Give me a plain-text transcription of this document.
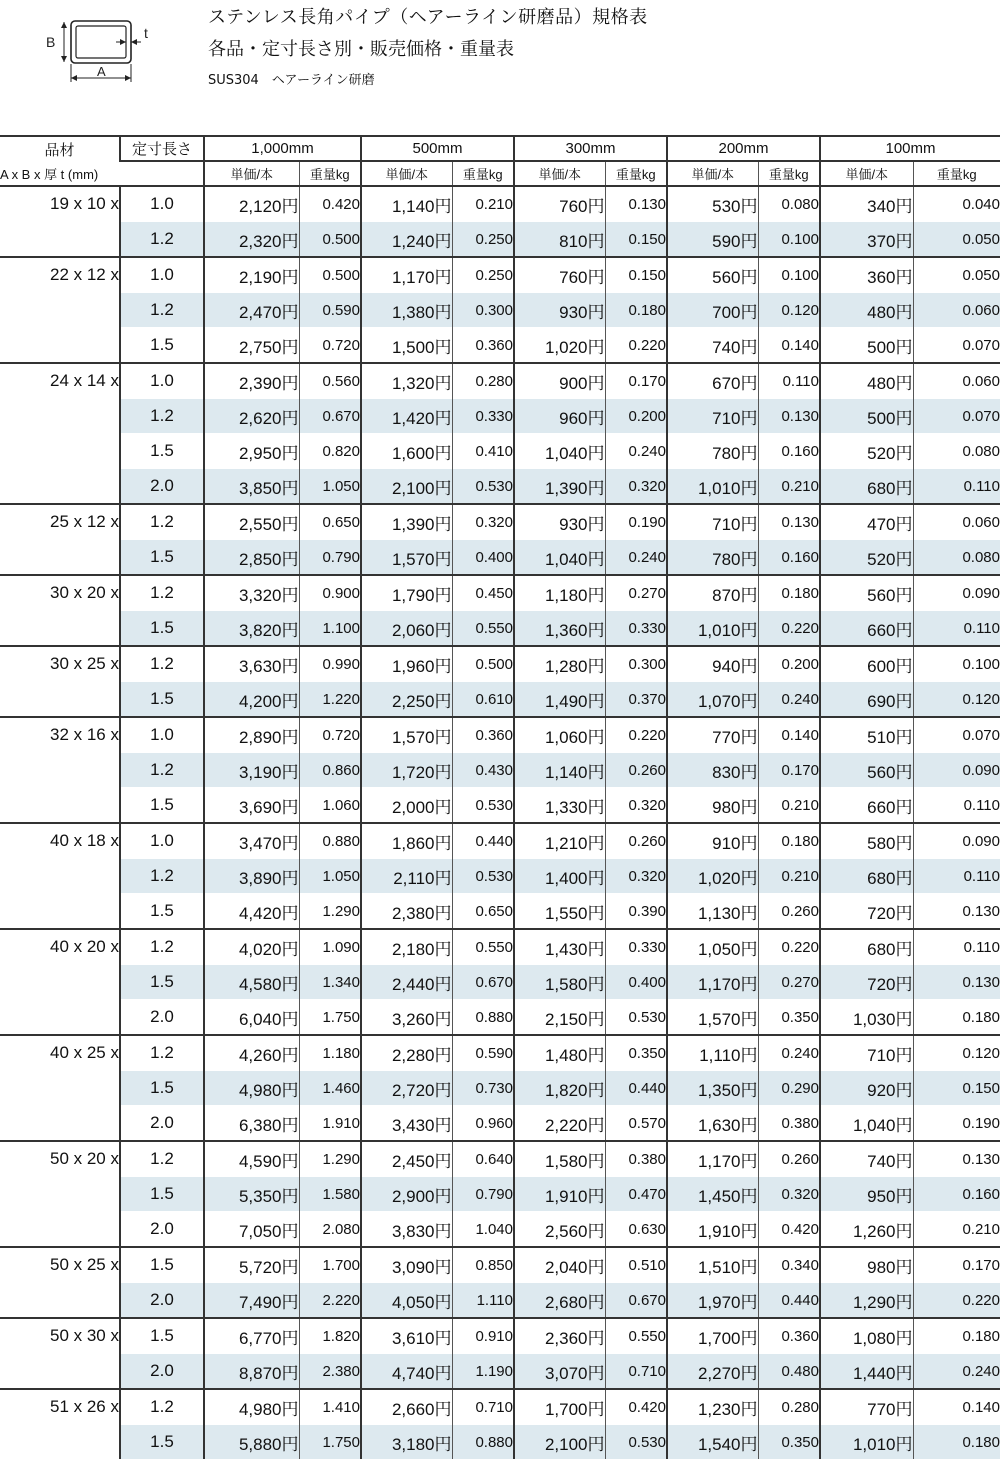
B
t
A
ステンレス長角パイプ（ヘアーライン研磨品）規格表
各品・定寸長さ別・販売価格・重量表
SUS304　ヘアーライン研磨
品材	定寸長さ	1,000mm		500mm		300mm		200mm		100mm	
A x B x 厚 t (mm)		単価/本	重量kg	単価/本	重量kg	単価/本	重量kg	単価/本	重量kg	単価/本	重量kg
19 x 10 x	1.0	2,120円	0.420	1,140円	0.210	760円	0.130	530円	0.080	340円	0.040
	1.2	2,320円	0.500	1,240円	0.250	810円	0.150	590円	0.100	370円	0.050
22 x 12 x	1.0	2,190円	0.500	1,170円	0.250	760円	0.150	560円	0.100	360円	0.050
	1.2	2,470円	0.590	1,380円	0.300	930円	0.180	700円	0.120	480円	0.060
	1.5	2,750円	0.720	1,500円	0.360	1,020円	0.220	740円	0.140	500円	0.070
24 x 14 x	1.0	2,390円	0.560	1,320円	0.280	900円	0.170	670円	0.110	480円	0.060
	1.2	2,620円	0.670	1,420円	0.330	960円	0.200	710円	0.130	500円	0.070
	1.5	2,950円	0.820	1,600円	0.410	1,040円	0.240	780円	0.160	520円	0.080
	2.0	3,850円	1.050	2,100円	0.530	1,390円	0.320	1,010円	0.210	680円	0.110
25 x 12 x	1.2	2,550円	0.650	1,390円	0.320	930円	0.190	710円	0.130	470円	0.060
	1.5	2,850円	0.790	1,570円	0.400	1,040円	0.240	780円	0.160	520円	0.080
30 x 20 x	1.2	3,320円	0.900	1,790円	0.450	1,180円	0.270	870円	0.180	560円	0.090
	1.5	3,820円	1.100	2,060円	0.550	1,360円	0.330	1,010円	0.220	660円	0.110
30 x 25 x	1.2	3,630円	0.990	1,960円	0.500	1,280円	0.300	940円	0.200	600円	0.100
	1.5	4,200円	1.220	2,250円	0.610	1,490円	0.370	1,070円	0.240	690円	0.120
32 x 16 x	1.0	2,890円	0.720	1,570円	0.360	1,060円	0.220	770円	0.140	510円	0.070
	1.2	3,190円	0.860	1,720円	0.430	1,140円	0.260	830円	0.170	560円	0.090
	1.5	3,690円	1.060	2,000円	0.530	1,330円	0.320	980円	0.210	660円	0.110
40 x 18 x	1.0	3,470円	0.880	1,860円	0.440	1,210円	0.260	910円	0.180	580円	0.090
	1.2	3,890円	1.050	2,110円	0.530	1,400円	0.320	1,020円	0.210	680円	0.110
	1.5	4,420円	1.290	2,380円	0.650	1,550円	0.390	1,130円	0.260	720円	0.130
40 x 20 x	1.2	4,020円	1.090	2,180円	0.550	1,430円	0.330	1,050円	0.220	680円	0.110
	1.5	4,580円	1.340	2,440円	0.670	1,580円	0.400	1,170円	0.270	720円	0.130
	2.0	6,040円	1.750	3,260円	0.880	2,150円	0.530	1,570円	0.350	1,030円	0.180
40 x 25 x	1.2	4,260円	1.180	2,280円	0.590	1,480円	0.350	1,110円	0.240	710円	0.120
	1.5	4,980円	1.460	2,720円	0.730	1,820円	0.440	1,350円	0.290	920円	0.150
	2.0	6,380円	1.910	3,430円	0.960	2,220円	0.570	1,630円	0.380	1,040円	0.190
50 x 20 x	1.2	4,590円	1.290	2,450円	0.640	1,580円	0.380	1,170円	0.260	740円	0.130
	1.5	5,350円	1.580	2,900円	0.790	1,910円	0.470	1,450円	0.320	950円	0.160
	2.0	7,050円	2.080	3,830円	1.040	2,560円	0.630	1,910円	0.420	1,260円	0.210
50 x 25 x	1.5	5,720円	1.700	3,090円	0.850	2,040円	0.510	1,510円	0.340	980円	0.170
	2.0	7,490円	2.220	4,050円	1.110	2,680円	0.670	1,970円	0.440	1,290円	0.220
50 x 30 x	1.5	6,770円	1.820	3,610円	0.910	2,360円	0.550	1,700円	0.360	1,080円	0.180
	2.0	8,870円	2.380	4,740円	1.190	3,070円	0.710	2,270円	0.480	1,440円	0.240
51 x 26 x	1.2	4,980円	1.410	2,660円	0.710	1,700円	0.420	1,230円	0.280	770円	0.140
	1.5	5,880円	1.750	3,180円	0.880	2,100円	0.530	1,540円	0.350	1,010円	0.180
